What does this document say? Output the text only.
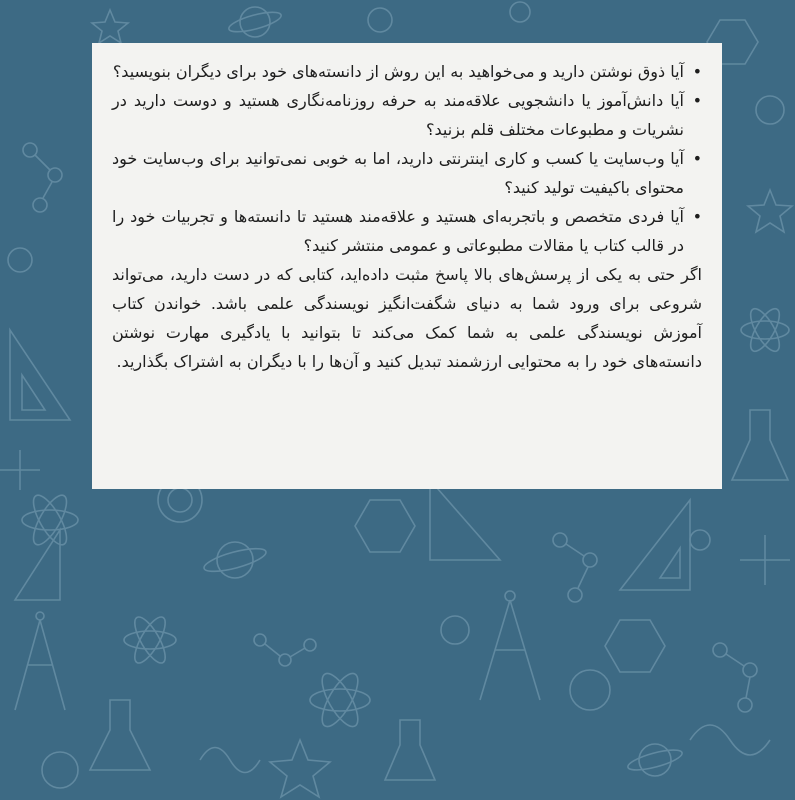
• آیا ذوق نوشتن دارید و می‌خواهید به این روش از دانسته‌های خود برای دیگران بنویسید؟
• آیا دانش‌آموز یا دانشجویی علاقه‌مند به حرفه روزنامه‌نگاری هستید و دوست دارید در نشریات و مطبوعات مختلف قلم بزنید؟
• آیا وب‌سایت یا کسب و کاری اینترنتی دارید، اما به خوبی نمی‌توانید برای وب‌سایت خود محتوای باکیفیت تولید کنید؟
• آیا فردی متخصص و باتجربه‌ای هستید و علاقه‌مند هستید تا دانسته‌ها و تجربیات خود را در قالب کتاب یا مقالات مطبوعاتی و عمومی منتشر کنید؟

اگر حتی به یکی از پرسش‌های بالا پاسخ مثبت داده‌اید، کتابی که در دست دارید، می‌تواند شروعی برای ورود شما به دنیای شگفت‌انگیز نویسندگی علمی باشد. خواندن کتاب آموزش نویسندگی علمی به شما کمک می‌کند تا بتوانید با یادگیری مهارت نوشتن دانسته‌های خود را به محتوایی ارزشمند تبدیل کنید و آن‌ها را با دیگران به اشتراک بگذارید.
